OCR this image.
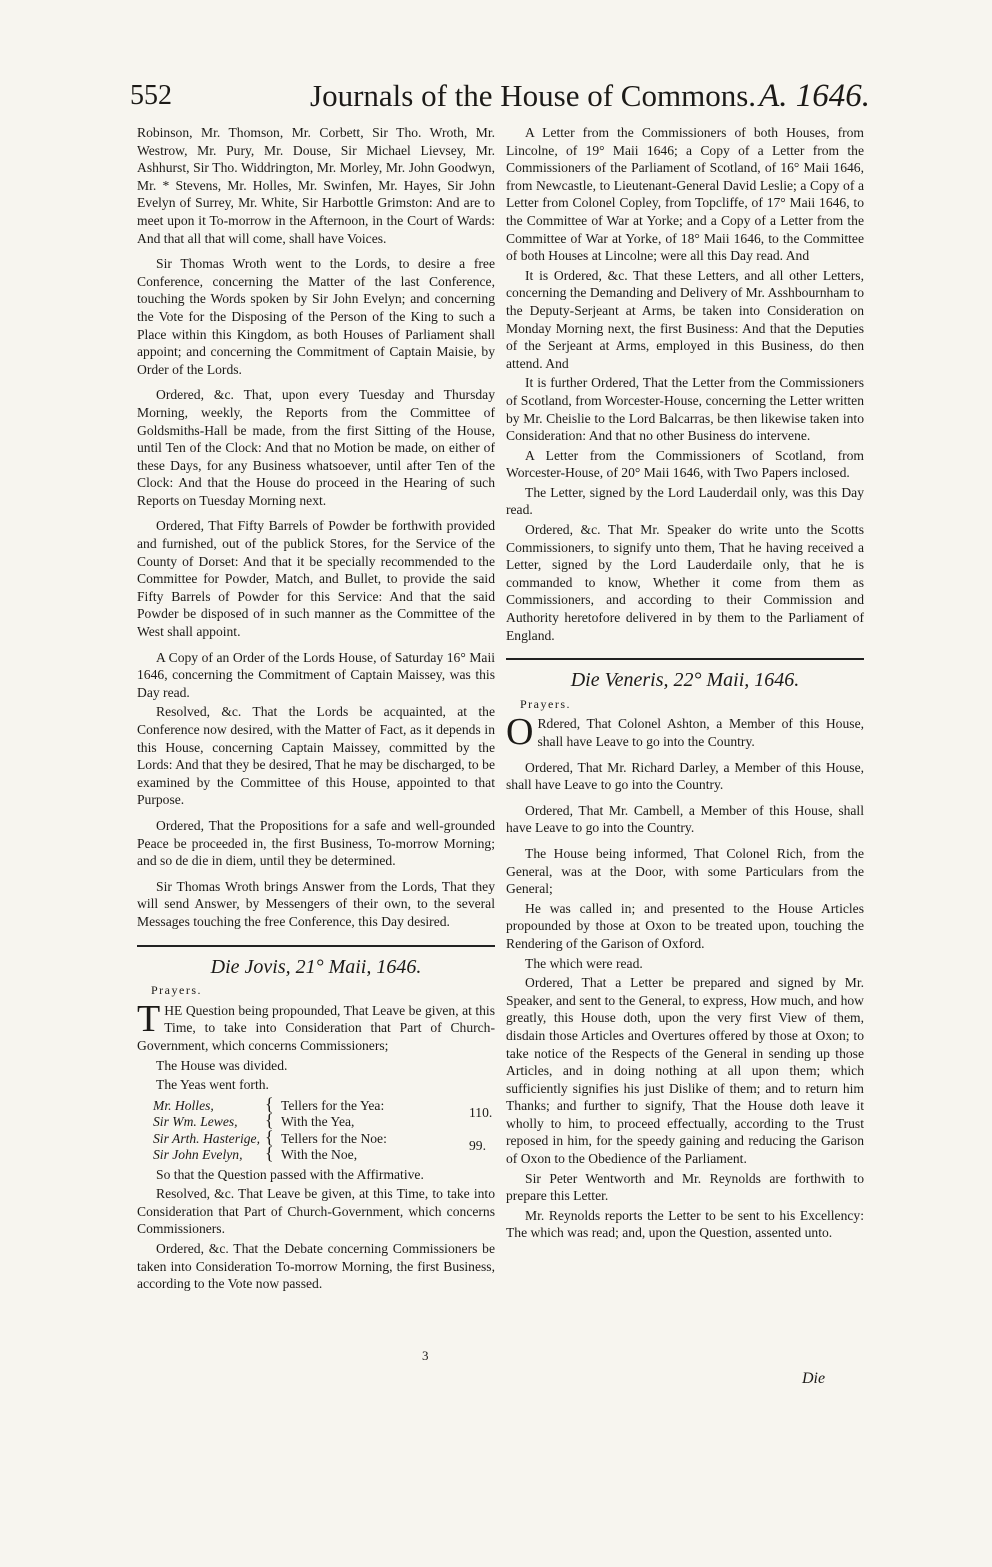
552	Journals of the House of Commons. A. 1646.

Robinson, Mr. Thomson, Mr. Corbett, Sir Tho. Wroth, Mr. Westrow, Mr. Pury, Mr. Douse, Sir Michael Lievsey, Mr. Ashhurst, Sir Tho. Widdrington, Mr. Morley, Mr. John Goodwyn, Mr. * Stevens, Mr. Holles, Mr. Swinfen, Mr. Hayes, Sir John Evelyn of Surrey, Mr. White, Sir Harbottle Grimston: And are to meet upon it To-morrow in the Afternoon, in the Court of Wards: And that all that will come, shall have Voices.

Sir Thomas Wroth went to the Lords, to desire a free Conference, concerning the Matter of the last Conference, touching the Words spoken by Sir John Evelyn; and concerning the Vote for the Disposing of the Person of the King to such a Place within this Kingdom, as both Houses of Parliament shall appoint; and concerning the Commitment of Captain Maisie, by Order of the Lords.

Ordered, &c. That, upon every Tuesday and Thursday Morning, weekly, the Reports from the Committee of Goldsmiths-Hall be made, from the first Sitting of the House, until Ten of the Clock: And that no Motion be made, on either of these Days, for any Business whatsoever, until after Ten of the Clock: And that the House do proceed in the Hearing of such Reports on Tuesday Morning next.

Ordered, That Fifty Barrels of Powder be forthwith provided and furnished, out of the publick Stores, for the Service of the County of Dorset: And that it be specially recommended to the Committee for Powder, Match, and Bullet, to provide the said Fifty Barrels of Powder for this Service: And that the said Powder be disposed of in such manner as the Committee of the West shall appoint.

A Copy of an Order of the Lords House, of Saturday 16° Maii 1646, concerning the Commitment of Captain Maissey, was this Day read.

Resolved, &c. That the Lords be acquainted, at the Conference now desired, with the Matter of Fact, as it depends in this House, concerning Captain Maissey, committed by the Lords: And that they be desired, That he may be discharged, to be examined by the Committee of this House, appointed to that Purpose.

Ordered, That the Propositions for a safe and well-grounded Peace be proceeded in, the first Business, To-morrow Morning; and so de die in diem, until they be determined.

Sir Thomas Wroth brings Answer from the Lords, That they will send Answer, by Messengers of their own, to the several Messages touching the free Conference, this Day desired.

Die Jovis, 21° Maii, 1646.
Prayers.

THE Question being propounded, That Leave be given, at this Time, to take into Consideration that Part of Church-Government, which concerns Commissioners;

The House was divided.

The Yeas went forth.

Mr. Holles,	{ Tellers for the Yea:
Sir Wm. Lewes, { With the Yea,
Sir Arth. Hasterige, { Tellers for the Noe:
Sir John Evelyn, { With the Noe,
110.
99.

So that the Question passed with the Affirmative.

Resolved, &c. That Leave be given, at this Time, to take into Consideration that Part of Church-Government, which concerns Commissioners.

Ordered, &c. That the Debate concerning Commissioners be taken into Consideration To-morrow Morning, the first Business, according to the Vote now passed.

A Letter from the Commissioners of both Houses, from Lincolne, of 19° Maii 1646; a Copy of a Letter from the Commissioners of the Parliament of Scotland, of 16° Maii 1646, from Newcastle, to Lieutenant-General David Leslie; a Copy of a Letter from Colonel Copley, from Topcliffe, of 17° Maii 1646, to the Committee of War at Yorke; and a Copy of a Letter from the Committee of War at Yorke, of 18° Maii 1646, to the Committee of both Houses at Lincolne; were all this Day read. And

It is Ordered, &c. That these Letters, and all other Letters, concerning the Demanding and Delivery of Mr. Asshbournham to the Deputy-Serjeant at Arms, be taken into Consideration on Monday Morning next, the first Business: And that the Deputies of the Serjeant at Arms, employed in this Business, do then attend. And

It is further Ordered, That the Letter from the Commissioners of Scotland, from Worcester-House, concerning the Letter written by Mr. Cheislie to the Lord Balcarras, be then likewise taken into Consideration: And that no other Business do intervene.

A Letter from the Commissioners of Scotland, from Worcester-House, of 20° Maii 1646, with Two Papers inclosed.

The Letter, signed by the Lord Lauderdail only, was this Day read.

Ordered, &c. That Mr. Speaker do write unto the Scotts Commissioners, to signify unto them, That he having received a Letter, signed by the Lord Lauderdaile only, that he is commanded to know, Whether it come from them as Commissioners, and according to their Commission and Authority heretofore delivered in by them to the Parliament of England.

Die Veneris, 22° Maii, 1646.
Prayers.

O Rdered, That Colonel Ashton, a Member of this House, shall have Leave to go into the Country.

Ordered, That Mr. Richard Darley, a Member of this House, shall have Leave to go into the Country.

Ordered, That Mr. Cambell, a Member of this House, shall have Leave to go into the Country.

The House being informed, That Colonel Rich, from the General, was at the Door, with some Particulars from the General;

He was called in; and presented to the House Articles propounded by those at Oxon to be treated upon, touching the Rendering of the Garison of Oxford.

The which were read.

Ordered, That a Letter be prepared and signed by Mr. Speaker, and sent to the General, to express, How much, and how greatly, this House doth, upon the very first View of them, disdain those Articles and Overtures offered by those at Oxon; to take notice of the Respects of the General in sending up those Articles, and in doing nothing at all upon them; which sufficiently signifies his just Dislike of them; and to return him Thanks; and further to signify, That the House doth leave it wholly to him, to proceed effectually, according to the Trust reposed in him, for the speedy gaining and reducing the Garison of Oxon to the Obedience of the Parliament.

Sir Peter Wentworth and Mr. Reynolds are forthwith to prepare this Letter.

Mr. Reynolds reports the Letter to be sent to his Excellency: The which was read; and, upon the Question, assented unto.

3
Die
